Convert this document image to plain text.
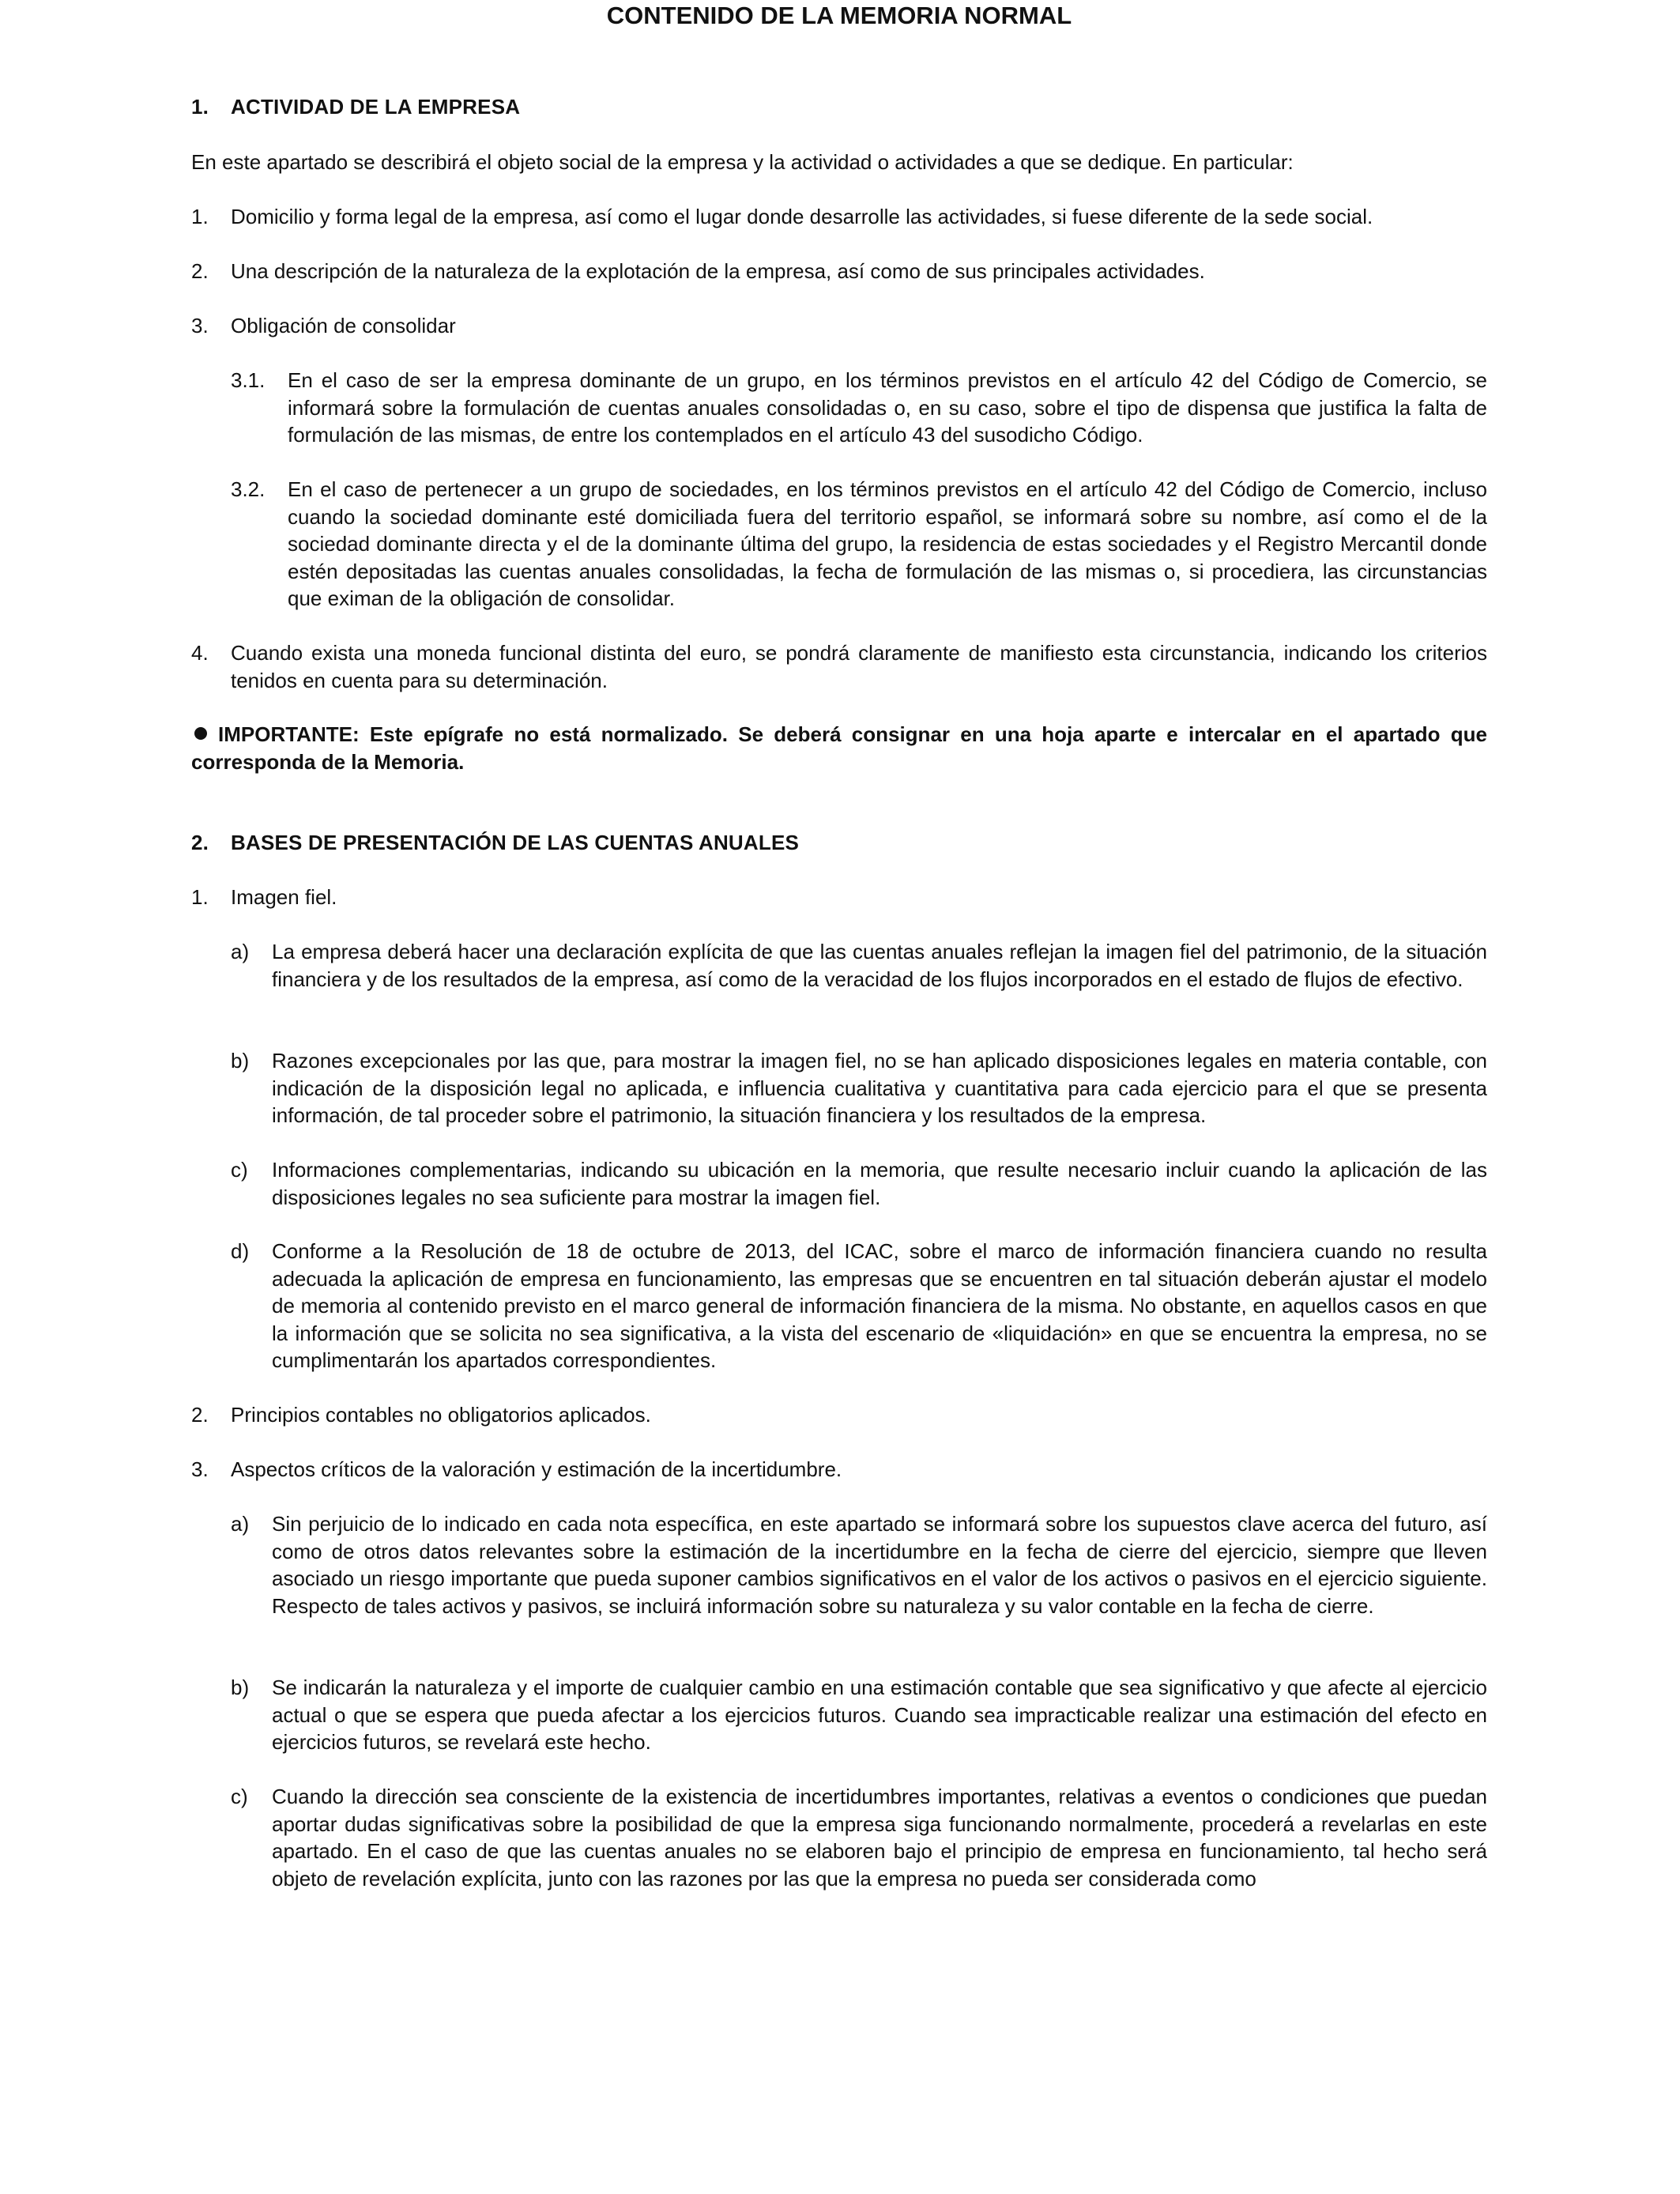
CONTENIDO DE LA MEMORIA NORMAL
1.	ACTIVIDAD DE LA EMPRESA

En este apartado se describirá el objeto social de la empresa y la actividad o actividades a que se dedique. En particular:

1.	Domicilio y forma legal de la empresa, así como el lugar donde desarrolle las actividades, si fuese diferente de la sede social.
2.	Una descripción de la naturaleza de la explotación de la empresa, así como de sus principales actividades.
3.	Obligación de consolidar
3.1.	En el caso de ser la empresa dominante de un grupo, en los términos previstos en el artículo 42 del Código de Comercio, se informará sobre la formulación de cuentas anuales consolidadas o, en su caso, sobre el tipo de dispensa que justifica la falta de formulación de las mismas, de entre los contemplados en el artículo 43 del susodicho Código.
3.2.	En el caso de pertenecer a un grupo de sociedades, en los términos previstos en el artículo 42 del Código de Comercio, incluso cuando la sociedad dominante esté domiciliada fuera del territorio español, se informará sobre su nombre, así como el de la sociedad dominante directa y el de la dominante última del grupo, la residencia de estas sociedades y el Registro Mercantil donde estén depositadas las cuentas anuales consolidadas, la fecha de formulación de las mismas o, si procediera, las circunstancias que eximan de la obligación de consolidar.
4.	Cuando exista una moneda funcional distinta del euro, se pondrá claramente de manifiesto esta circunstancia, indicando los criterios tenidos en cuenta para su determinación.

IMPORTANTE: Este epígrafe no está normalizado. Se deberá consignar en una hoja aparte e intercalar en el apartado que corresponda de la Memoria.

2.	BASES DE PRESENTACIÓN DE LAS CUENTAS ANUALES
1.	Imagen fiel.
a)	La empresa deberá hacer una declaración explícita de que las cuentas anuales reflejan la imagen fiel del patrimonio, de la situación financiera y de los resultados de la empresa, así como de la veracidad de los flujos incorporados en el estado de flujos de efectivo.
b)	Razones excepcionales por las que, para mostrar la imagen fiel, no se han aplicado disposiciones legales en materia contable, con indicación de la disposición legal no aplicada, e influencia cualitativa y cuantitativa para cada ejercicio para el que se presenta información, de tal proceder sobre el patrimonio, la situación financiera y los resultados de la empresa.
c)	Informaciones complementarias, indicando su ubicación en la memoria, que resulte necesario incluir cuando la aplicación de las disposiciones legales no sea suficiente para mostrar la imagen fiel.
d)	Conforme a la Resolución de 18 de octubre de 2013, del ICAC, sobre el marco de información financiera cuando no resulta adecuada la aplicación de empresa en funcionamiento, las empresas que se encuentren en tal situación deberán ajustar el modelo de memoria al contenido previsto en el marco general de información financiera de la misma. No obstante, en aquellos casos en que la información que se solicita no sea significativa, a la vista del escenario de «liquidación» en que se encuentra la empresa, no se cumplimentarán los apartados correspondientes.
2.	Principios contables no obligatorios aplicados.
3.	Aspectos críticos de la valoración y estimación de la incertidumbre.
a)	Sin perjuicio de lo indicado en cada nota específica, en este apartado se informará sobre los supuestos clave acerca del futuro, así como de otros datos relevantes sobre la estimación de la incertidumbre en la fecha de cierre del ejercicio, siempre que lleven asociado un riesgo importante que pueda suponer cambios significativos en el valor de los activos o pasivos en el ejercicio siguiente. Respecto de tales activos y pasivos, se incluirá información sobre su naturaleza y su valor contable en la fecha de cierre.
b)	Se indicarán la naturaleza y el importe de cualquier cambio en una estimación contable que sea significativo y que afecte al ejercicio actual o que se espera que pueda afectar a los ejercicios futuros. Cuando sea impracticable realizar una estimación del efecto en ejercicios futuros, se revelará este hecho.
c)	Cuando la dirección sea consciente de la existencia de incertidumbres importantes, relativas a eventos o condiciones que puedan aportar dudas significativas sobre la posibilidad de que la empresa siga funcionando normalmente, procederá a revelarlas en este apartado. En el caso de que las cuentas anuales no se elaboren bajo el principio de empresa en funcionamiento, tal hecho será objeto de revelación explícita, junto con las razones por las que la empresa no pueda ser considerada como
